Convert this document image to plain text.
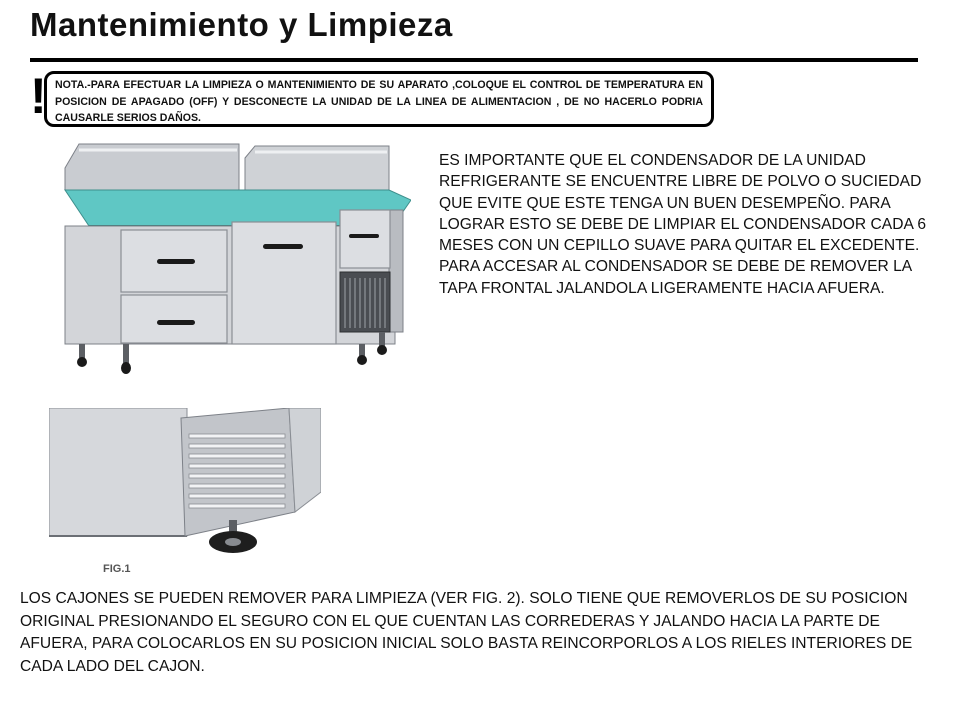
Mantenimiento y Limpieza
! NOTA.-PARA EFECTUAR LA LIMPIEZA O MANTENIMIENTO DE SU APARATO ,COLOQUE EL CONTROL DE TEMPERATURA EN POSICION DE APAGADO (OFF) Y DESCONECTE LA UNIDAD DE LA LINEA DE ALIMENTACION , DE NO HACERLO PODRIA CAUSARLE SERIOS DAÑOS.

ES IMPORTANTE QUE EL CONDENSADOR DE LA UNIDAD REFRIGERANTE SE ENCUENTRE LIBRE DE POLVO O SUCIEDAD QUE EVITE QUE ESTE TENGA UN BUEN DESEMPEÑO. PARA LOGRAR ESTO SE DEBE DE LIMPIAR EL CONDENSADOR CADA 6 MESES CON UN CEPILLO SUAVE PARA QUITAR EL EXCEDENTE. PARA ACCESAR AL CONDENSADOR SE DEBE DE REMOVER LA TAPA FRONTAL JALANDOLA LIGERAMENTE HACIA AFUERA.

FIG.1

LOS CAJONES SE PUEDEN REMOVER PARA LIMPIEZA (VER FIG. 2). SOLO TIENE QUE REMOVERLOS DE SU POSICION ORIGINAL PRESIONANDO EL SEGURO CON EL QUE CUENTAN LAS CORREDERAS Y JALANDO HACIA LA PARTE DE AFUERA, PARA COLOCARLOS EN SU POSICION INICIAL SOLO BASTA REINCORPORLOS A LOS RIELES INTERIORES DE CADA LADO DEL CAJON.
